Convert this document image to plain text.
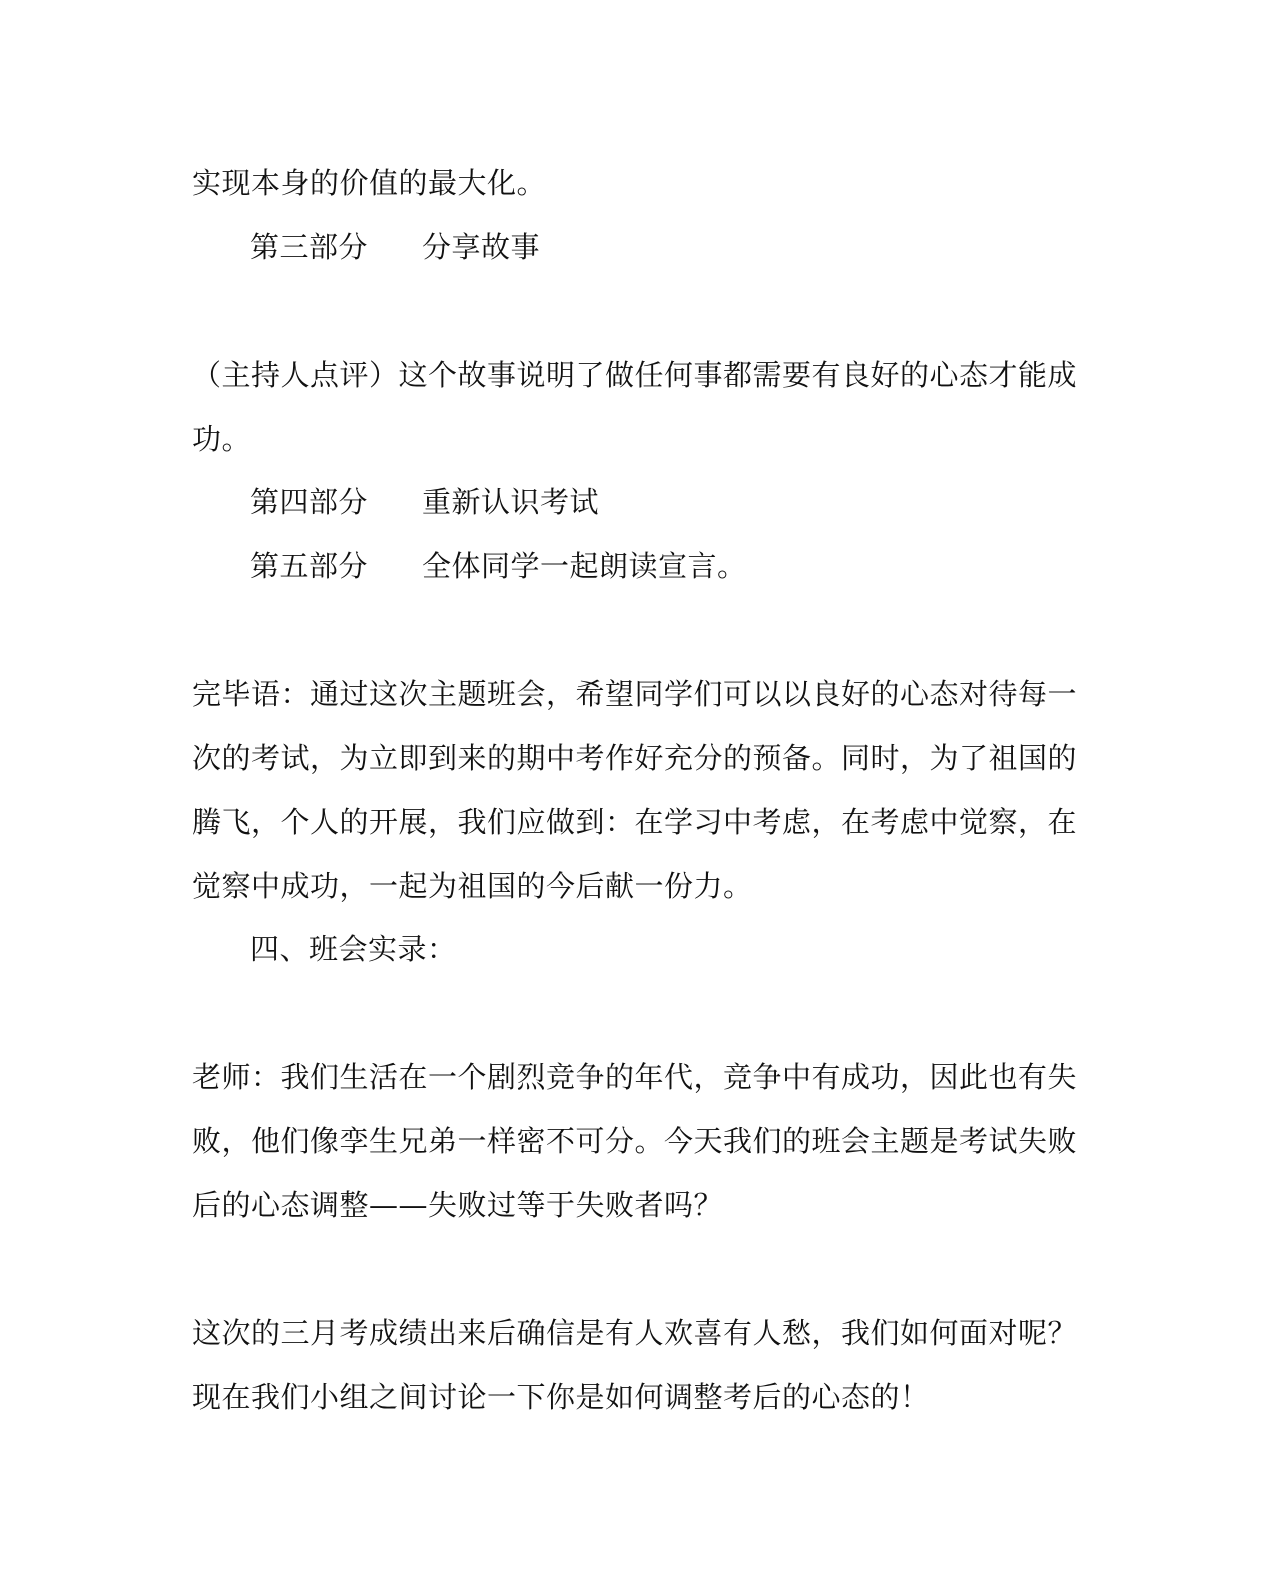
实现本身的价值的最大化。
第三部分 分享故事
（主持人点评）这个故事说明了做任何事都需要有良好的心态才能成
功。
第四部分 重新认识考试
第五部分 全体同学一起朗读宣言。
完毕语：通过这次主题班会，希望同学们可以以良好的心态对待每一
次的考试，为立即到来的期中考作好充分的预备。同时，为了祖国的
腾飞，个人的开展，我们应做到：在学习中考虑，在考虑中觉察，在
觉察中成功，一起为祖国的今后献一份力。
四、班会实录：
老师：我们生活在一个剧烈竞争的年代，竞争中有成功，因此也有失
败，他们像孪生兄弟一样密不可分。今天我们的班会主题是考试失败
后的心态调整——失败过等于失败者吗？
这次的三月考成绩出来后确信是有人欢喜有人愁，我们如何面对呢？
现在我们小组之间讨论一下你是如何调整考后的心态的！
